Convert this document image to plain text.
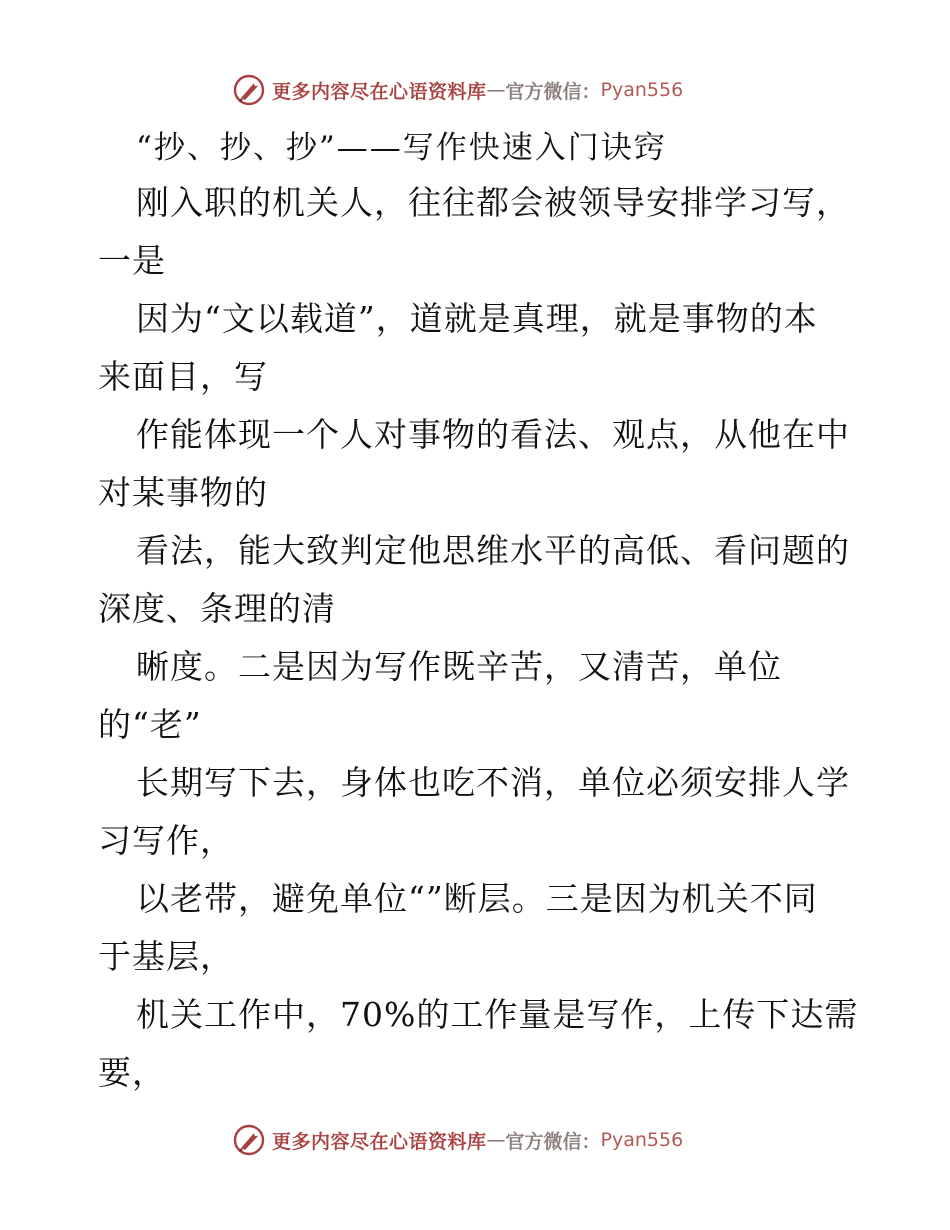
更多内容尽在心语资料库 — 官方微信： Pyan556
“抄、抄、抄”——写作快速入门诀窍
刚入职的机关人，往往都会被领导安排学习写，
一是
因为“文以载道”，道就是真理，就是事物的本
来面目，写
作能体现一个人对事物的看法、观点，从他在中
对某事物的
看法，能大致判定他思维水平的高低、看问题的
深度、条理的清
晰度。二是因为写作既辛苦，又清苦，单位
的“老”
长期写下去，身体也吃不消，单位必须安排人学
习写作，
以老带，避免单位“”断层。三是因为机关不同
于基层，
机关工作中，70%的工作量是写作，上传下达需
要，
更多内容尽在心语资料库 — 官方微信： Pyan556
